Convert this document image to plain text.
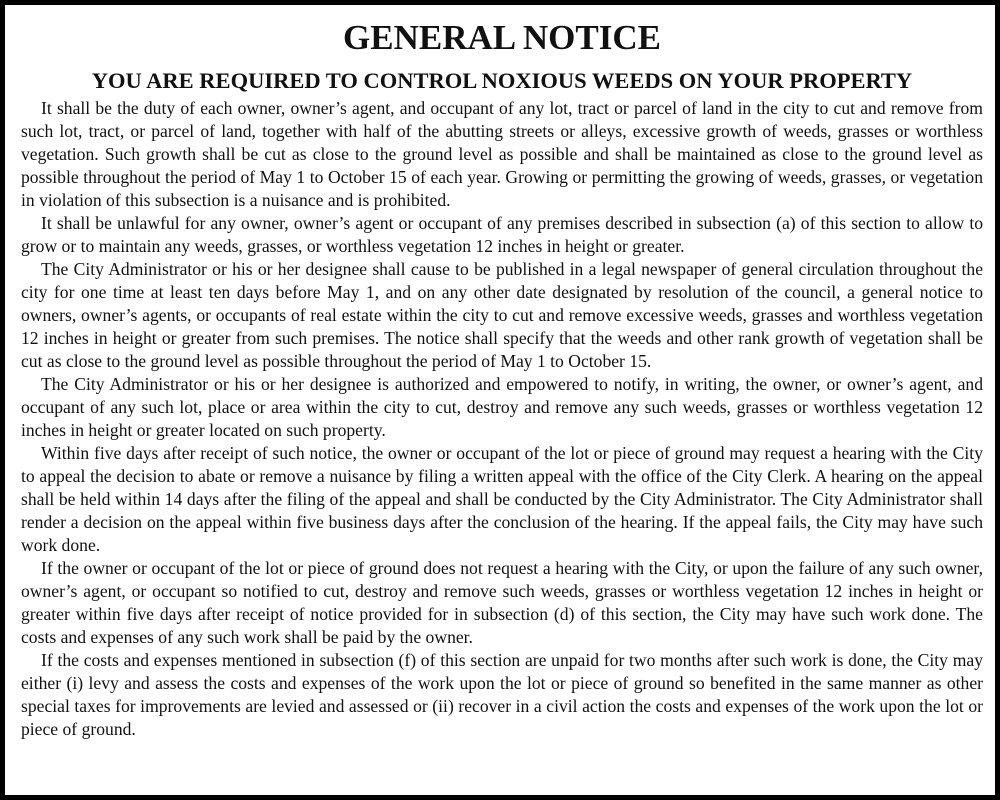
GENERAL NOTICE
YOU ARE REQUIRED TO CONTROL NOXIOUS WEEDS ON YOUR PROPERTY

It shall be the duty of each owner, owner’s agent, and occupant of any lot, tract or parcel of land in the city to cut and remove from such lot, tract, or parcel of land, together with half of the abutting streets or alleys, excessive growth of weeds, grasses or worthless vegetation. Such growth shall be cut as close to the ground level as possible and shall be maintained as close to the ground level as possible throughout the period of May 1 to October 15 of each year. Growing or permitting the growing of weeds, grasses, or vegetation in violation of this subsection is a nuisance and is prohibited.

It shall be unlawful for any owner, owner’s agent or occupant of any premises described in subsection (a) of this section to allow to grow or to maintain any weeds, grasses, or worthless vegetation 12 inches in height or greater.

The City Administrator or his or her designee shall cause to be published in a legal newspaper of general circulation throughout the city for one time at least ten days before May 1, and on any other date designated by resolution of the council, a general notice to owners, owner’s agents, or occupants of real estate within the city to cut and remove excessive weeds, grasses and worthless vegetation 12 inches in height or greater from such premises. The notice shall specify that the weeds and other rank growth of vegetation shall be cut as close to the ground level as possible throughout the period of May 1 to October 15.

The City Administrator or his or her designee is authorized and empowered to notify, in writing, the owner, or owner’s agent, and occupant of any such lot, place or area within the city to cut, destroy and remove any such weeds, grasses or worthless vegetation 12 inches in height or greater located on such property.

Within five days after receipt of such notice, the owner or occupant of the lot or piece of ground may request a hearing with the City to appeal the decision to abate or remove a nuisance by filing a written appeal with the office of the City Clerk. A hearing on the appeal shall be held within 14 days after the filing of the appeal and shall be conducted by the City Administrator. The City Administrator shall render a decision on the appeal within five business days after the conclusion of the hearing. If the appeal fails, the City may have such work done.

If the owner or occupant of the lot or piece of ground does not request a hearing with the City, or upon the failure of any such owner, owner’s agent, or occupant so notified to cut, destroy and remove such weeds, grasses or worthless vegetation 12 inches in height or greater within five days after receipt of notice provided for in subsection (d) of this section, the City may have such work done. The costs and expenses of any such work shall be paid by the owner.

If the costs and expenses mentioned in subsection (f) of this section are unpaid for two months after such work is done, the City may either (i) levy and assess the costs and expenses of the work upon the lot or piece of ground so benefited in the same manner as other special taxes for improvements are levied and assessed or (ii) recover in a civil action the costs and expenses of the work upon the lot or piece of ground.
